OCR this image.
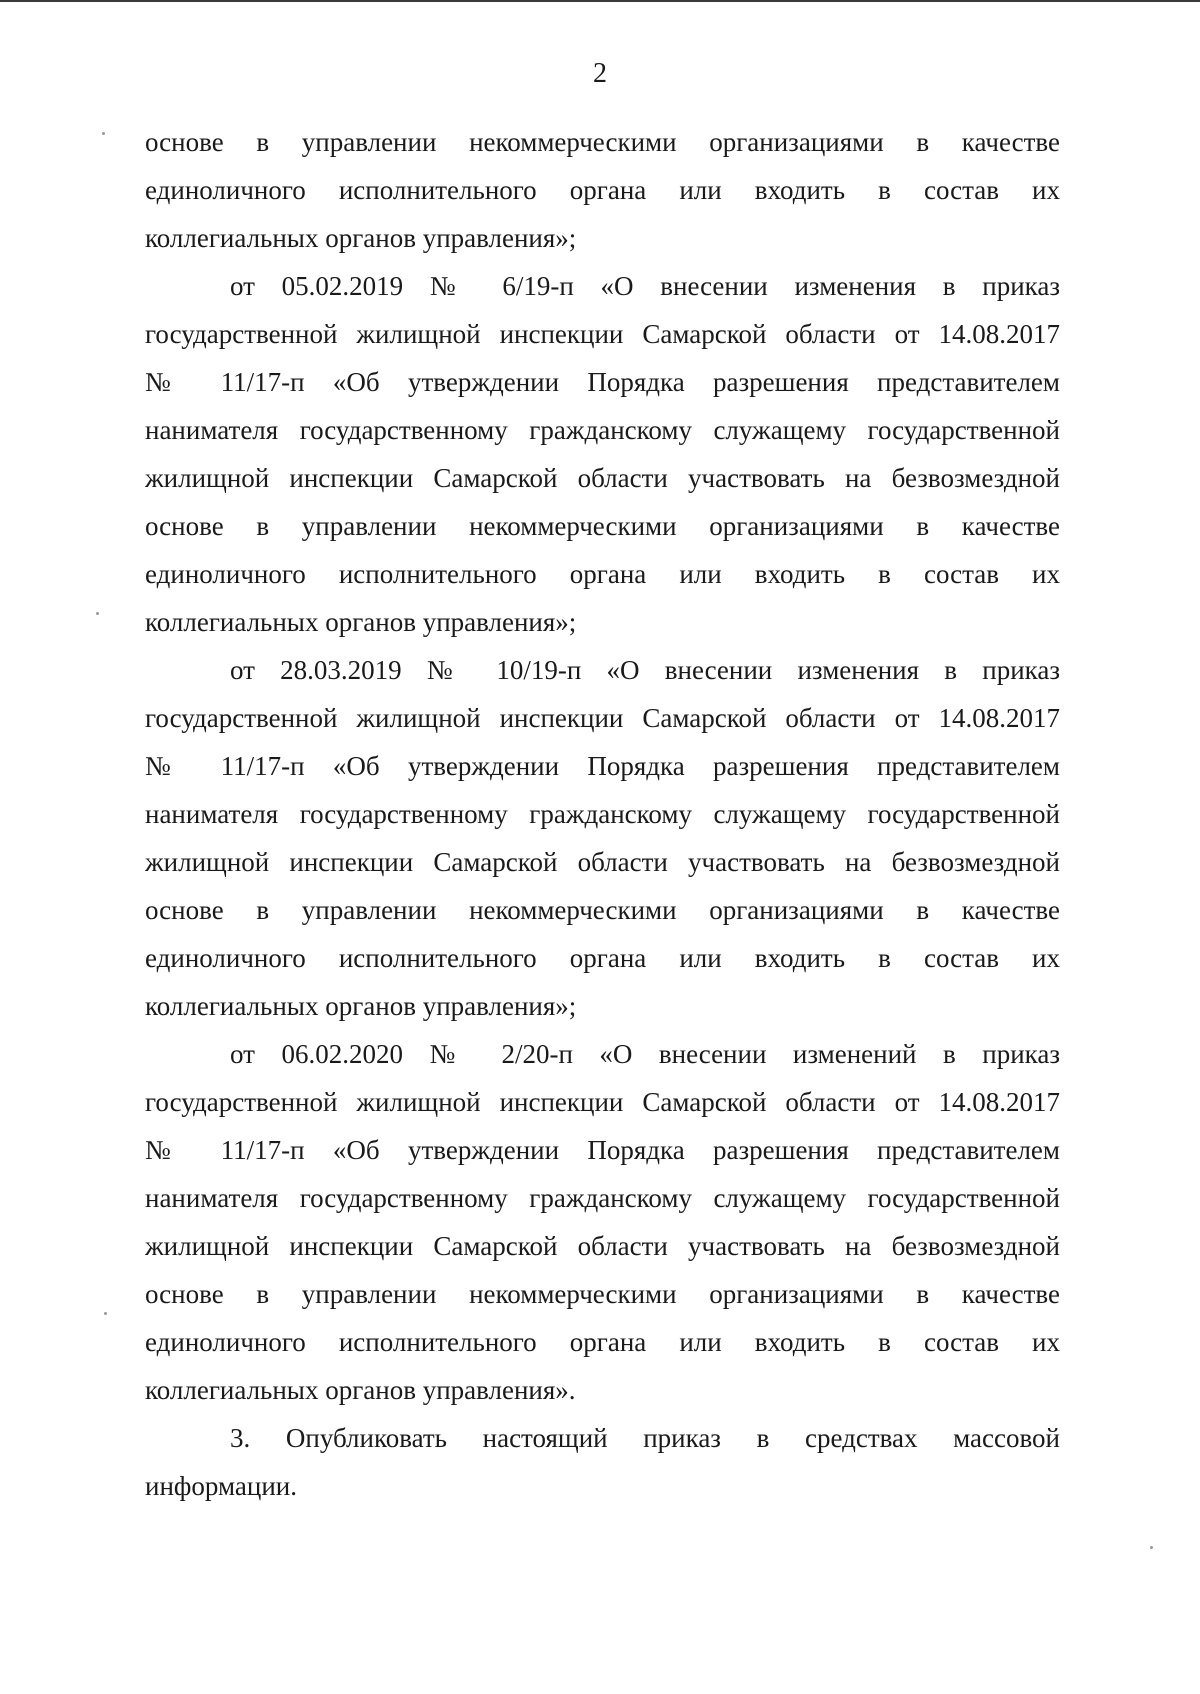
2

основе в управлении некоммерческими организациями в качестве
единоличного исполнительного органа или входить в состав их
коллегиальных органов управления»;

от 05.02.2019 № 6/19-п «О внесении изменения в приказ
государственной жилищной инспекции Самарской области от 14.08.2017
№ 11/17-п «Об утверждении Порядка разрешения представителем
нанимателя государственному гражданскому служащему государственной
жилищной инспекции Самарской области участвовать на безвозмездной
основе в управлении некоммерческими организациями в качестве
единоличного исполнительного органа или входить в состав их
коллегиальных органов управления»;

от 28.03.2019 № 10/19-п «О внесении изменения в приказ
государственной жилищной инспекции Самарской области от 14.08.2017
№ 11/17-п «Об утверждении Порядка разрешения представителем
нанимателя государственному гражданскому служащему государственной
жилищной инспекции Самарской области участвовать на безвозмездной
основе в управлении некоммерческими организациями в качестве
единоличного исполнительного органа или входить в состав их
коллегиальных органов управления»;

от 06.02.2020 № 2/20-п «О внесении изменений в приказ
государственной жилищной инспекции Самарской области от 14.08.2017
№ 11/17-п «Об утверждении Порядка разрешения представителем
нанимателя государственному гражданскому служащему государственной
жилищной инспекции Самарской области участвовать на безвозмездной
основе в управлении некоммерческими организациями в качестве
единоличного исполнительного органа или входить в состав их
коллегиальных органов управления».

3. Опубликовать настоящий приказ в средствах массовой
информации.
